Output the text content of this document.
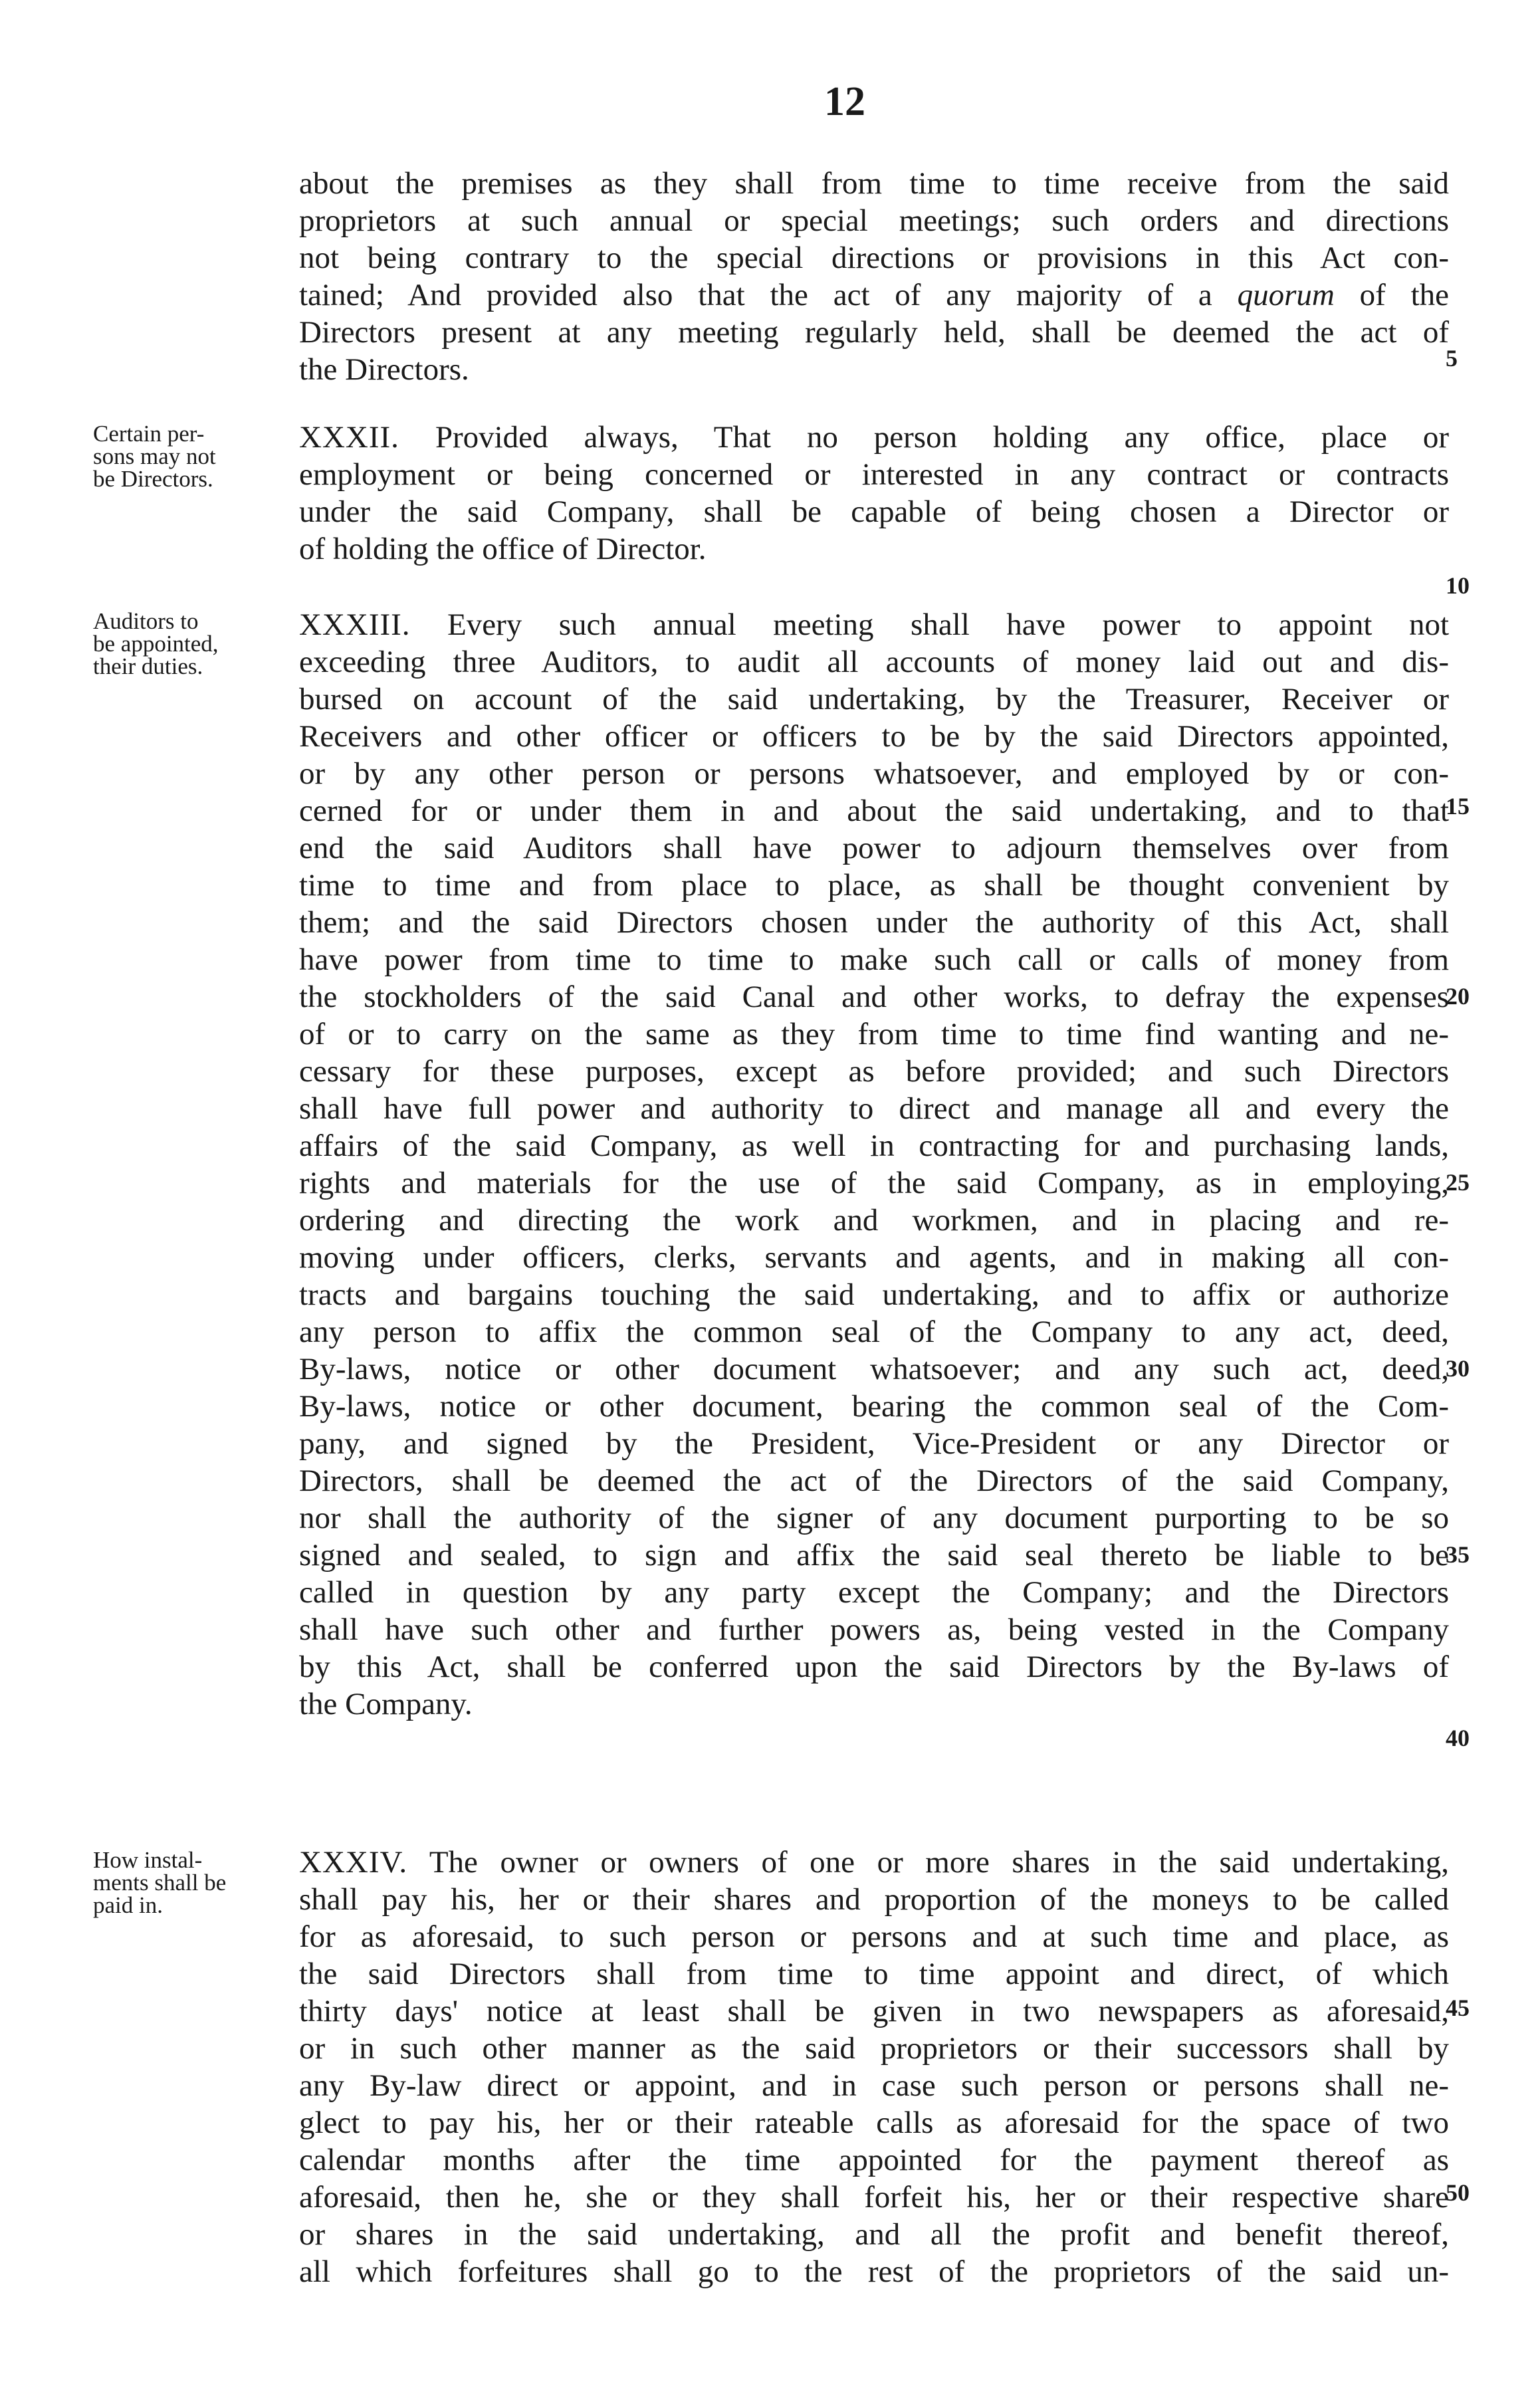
12
about the premises as they shall from time to time receive from the said
proprietors at such annual or special meetings; such orders and directions
not being contrary to the special directions or provisions in this Act con-
tained; And provided also that the act of any majority of a quorum of the
Directors present at any meeting regularly held, shall be deemed the act of
the Directors.
Certain per-
sons may not
be Directors.
XXXII. Provided always, That no person holding any office, place or
employment or being concerned or interested in any contract or contracts
under the said Company, shall be capable of being chosen a Director or
of holding the office of Director.
Auditors to
be appointed,
their duties.
XXXIII. Every such annual meeting shall have power to appoint not
exceeding three Auditors, to audit all accounts of money laid out and dis-
bursed on account of the said undertaking, by the Treasurer, Receiver or
Receivers and other officer or officers to be by the said Directors appointed,
or by any other person or persons whatsoever, and employed by or con-
cerned for or under them in and about the said undertaking, and to that
end the said Auditors shall have power to adjourn themselves over from
time to time and from place to place, as shall be thought convenient by
them; and the said Directors chosen under the authority of this Act, shall
have power from time to time to make such call or calls of money from
the stockholders of the said Canal and other works, to defray the expenses
of or to carry on the same as they from time to time find wanting and ne-
cessary for these purposes, except as before provided; and such Directors
shall have full power and authority to direct and manage all and every the
affairs of the said Company, as well in contracting for and purchasing lands,
rights and materials for the use of the said Company, as in employing,
ordering and directing the work and workmen, and in placing and re-
moving under officers, clerks, servants and agents, and in making all con-
tracts and bargains touching the said undertaking, and to affix or authorize
any person to affix the common seal of the Company to any act, deed,
By-laws, notice or other document whatsoever; and any such act, deed,
By-laws, notice or other document, bearing the common seal of the Com-
pany, and signed by the President, Vice-President or any Director or
Directors, shall be deemed the act of the Directors of the said Company,
nor shall the authority of the signer of any document purporting to be so
signed and sealed, to sign and affix the said seal thereto be liable to be
called in question by any party except the Company; and the Directors
shall have such other and further powers as, being vested in the Company
by this Act, shall be conferred upon the said Directors by the By-laws of
the Company.
How instal-
ments shall be
paid in.
XXXIV. The owner or owners of one or more shares in the said undertaking,
shall pay his, her or their shares and proportion of the moneys to be called
for as aforesaid, to such person or persons and at such time and place, as
the said Directors shall from time to time appoint and direct, of which
thirty days' notice at least shall be given in two newspapers as aforesaid,
or in such other manner as the said proprietors or their successors shall by
any By-law direct or appoint, and in case such person or persons shall ne-
glect to pay his, her or their rateable calls as aforesaid for the space of two
calendar months after the time appointed for the payment thereof as
aforesaid, then he, she or they shall forfeit his, her or their respective share
or shares in the said undertaking, and all the profit and benefit thereof,
all which forfeitures shall go to the rest of the proprietors of the said un-
5
10
15
20
25
30
35
40
45
50
